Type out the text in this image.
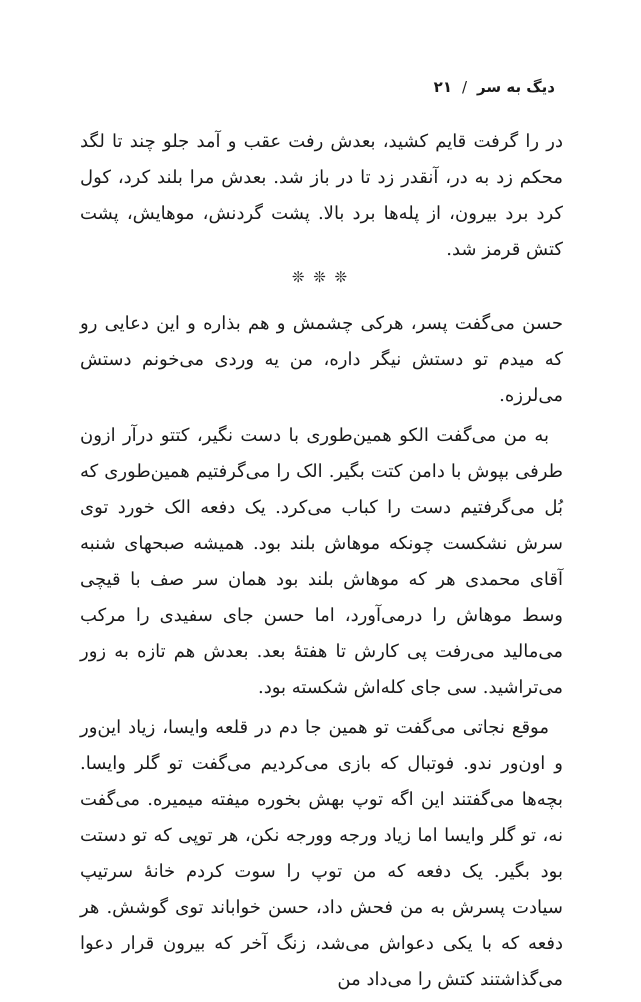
دیگ به سر
/
۲۱

در را گرفت قایم کشید، بعدش رفت عقب و آمد جلو چند تا لگد محکم زد به در، آنقدر زد تا در باز شد. بعدش مرا بلند کرد، کول کرد برد بیرون، از پله‌ها برد بالا. پشت گردنش، موهایش، پشت کتش قرمز شد.

❊ ❊ ❊

حسن می‌گفت پسر، هرکی چشمش و هم بذاره و این دعایی رو که میدم تو دستش نیگر داره، من یه وردی می‌خونم دستش می‌لرزه.

به من می‌گفت الکو همین‌طوری با دست نگیر، کتتو درآر ازون طرفی بپوش با دامن کتت بگیر. الک را می‌گرفتیم همین‌طوری که بُل می‌گرفتیم دست را کباب می‌کرد. یک دفعه الک خورد توی سرش نشکست چونکه موهاش بلند بود. همیشه صبحهای شنبه آقای محمدی هر که موهاش بلند بود همان سر صف با قیچی وسط موهاش را درمی‌آورد، اما حسن جای سفیدی را مرکب می‌مالید می‌رفت پی کارش تا هفتهٔ بعد. بعدش هم تازه به زور می‌تراشید. سی جای کله‌اش شکسته بود.

موقع نجاتی می‌گفت تو همین جا دم در قلعه وایسا، زیاد این‌ور و اون‌ور ندو. فوتبال که بازی می‌کردیم می‌گفت تو گلر وایسا. بچه‌ها می‌گفتند این اگه توپ بهش بخوره میفته میمیره. می‌گفت نه، تو گلر وایسا اما زیاد ورجه وورجه نکن، هر توپی که تو دستت بود بگیر. یک دفعه که من توپ را سوت کردم خانهٔ سرتیپ سیادت پسرش به من فحش داد، حسن خواباند توی گوشش. هر دفعه که با یکی دعواش می‌شد، زنگ آخر که بیرون قرار دعوا می‌گذاشتند کتش را می‌داد من
